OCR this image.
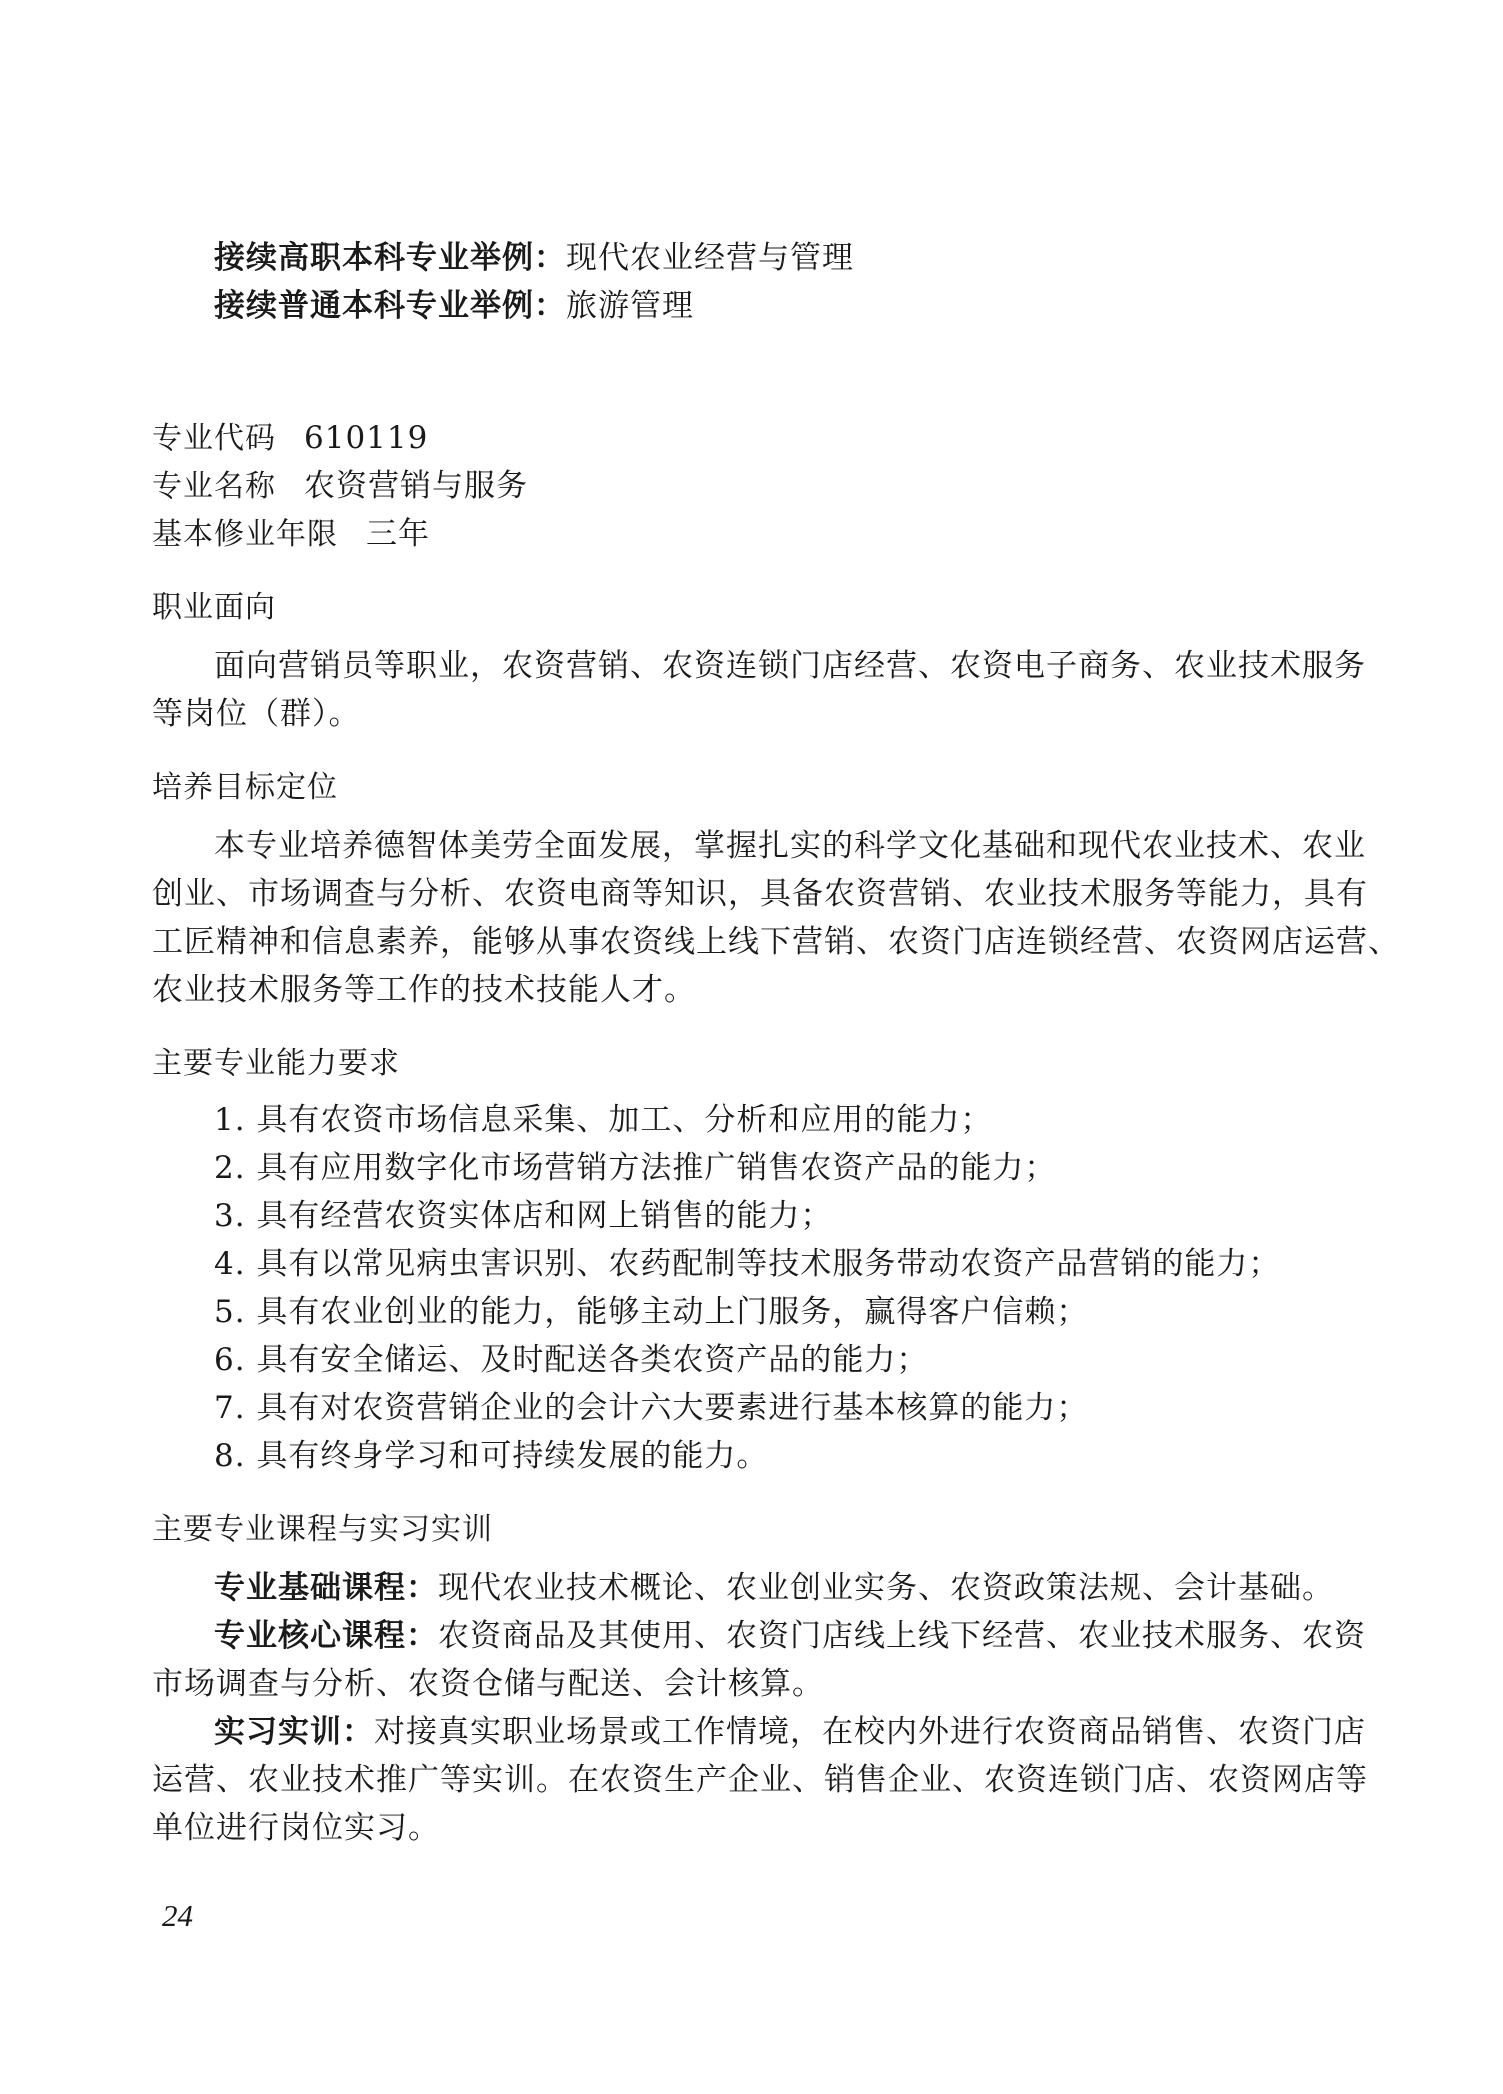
接续高职本科专业举例：现代农业经营与管理
接续普通本科专业举例：旅游管理
专业代码 610119
专业名称 农资营销与服务
基本修业年限 三年
职业面向
面向营销员等职业，农资营销、农资连锁门店经营、农资电子商务、农业技术服务
等岗位（群）。
培养目标定位
本专业培养德智体美劳全面发展，掌握扎实的科学文化基础和现代农业技术、农业
创业、市场调查与分析、农资电商等知识，具备农资营销、农业技术服务等能力，具有
工匠精神和信息素养，能够从事农资线上线下营销、农资门店连锁经营、农资网店运营、
农业技术服务等工作的技术技能人才。
主要专业能力要求
1. 具有农资市场信息采集、加工、分析和应用的能力；
2. 具有应用数字化市场营销方法推广销售农资产品的能力；
3. 具有经营农资实体店和网上销售的能力；
4. 具有以常见病虫害识别、农药配制等技术服务带动农资产品营销的能力；
5. 具有农业创业的能力，能够主动上门服务，赢得客户信赖；
6. 具有安全储运、及时配送各类农资产品的能力；
7. 具有对农资营销企业的会计六大要素进行基本核算的能力；
8. 具有终身学习和可持续发展的能力。
主要专业课程与实习实训
专业基础课程：现代农业技术概论、农业创业实务、农资政策法规、会计基础。
专业核心课程：农资商品及其使用、农资门店线上线下经营、农业技术服务、农资
市场调查与分析、农资仓储与配送、会计核算。
实习实训：对接真实职业场景或工作情境，在校内外进行农资商品销售、农资门店
运营、农业技术推广等实训。在农资生产企业、销售企业、农资连锁门店、农资网店等
单位进行岗位实习。
24
